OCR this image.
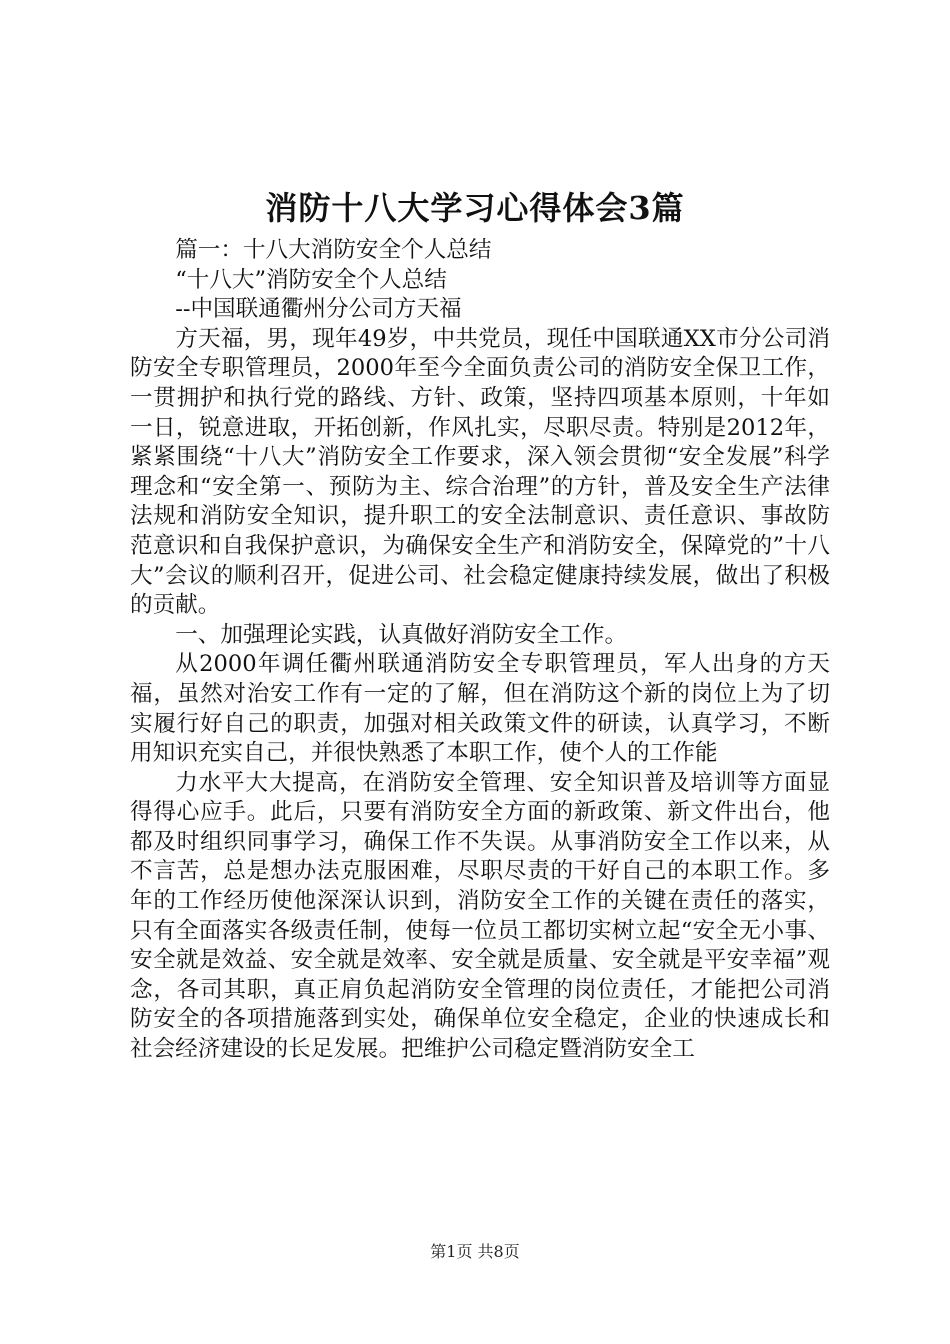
消防十八大学习心得体会3篇

篇一：十八大消防安全个人总结

“十八大”消防安全个人总结

--中国联通衢州分公司方天福

方天福，男，现年49岁，中共党员，现任中国联通XX市分公司消防安全专职管理员，2000年至今全面负责公司的消防安全保卫工作，一贯拥护和执行党的路线、方针、政策，坚持四项基本原则，十年如一日，锐意进取，开拓创新，作风扎实，尽职尽责。特别是2012年，紧紧围绕“十八大”消防安全工作要求，深入领会贯彻“安全发展”科学理念和“安全第一、预防为主、综合治理”的方针，普及安全生产法律法规和消防安全知识，提升职工的安全法制意识、责任意识、事故防范意识和自我保护意识，为确保安全生产和消防安全，保障党的”十八大”会议的顺利召开，促进公司、社会稳定健康持续发展，做出了积极的贡献。

一、加强理论实践，认真做好消防安全工作。

从2000年调任衢州联通消防安全专职管理员，军人出身的方天福，虽然对治安工作有一定的了解，但在消防这个新的岗位上为了切实履行好自己的职责，加强对相关政策文件的研读，认真学习，不断用知识充实自己，并很快熟悉了本职工作，使个人的工作能

力水平大大提高，在消防安全管理、安全知识普及培训等方面显得得心应手。此后，只要有消防安全方面的新政策、新文件出台，他都及时组织同事学习，确保工作不失误。从事消防安全工作以来，从不言苦，总是想办法克服困难，尽职尽责的干好自己的本职工作。多年的工作经历使他深深认识到，消防安全工作的关键在责任的落实，只有全面落实各级责任制，使每一位员工都切实树立起“安全无小事、安全就是效益、安全就是效率、安全就是质量、安全就是平安幸福”观念，各司其职，真正肩负起消防安全管理的岗位责任，才能把公司消防安全的各项措施落到实处，确保单位安全稳定，企业的快速成长和社会经济建设的长足发展。把维护公司稳定暨消防安全工

第1页 共8页
